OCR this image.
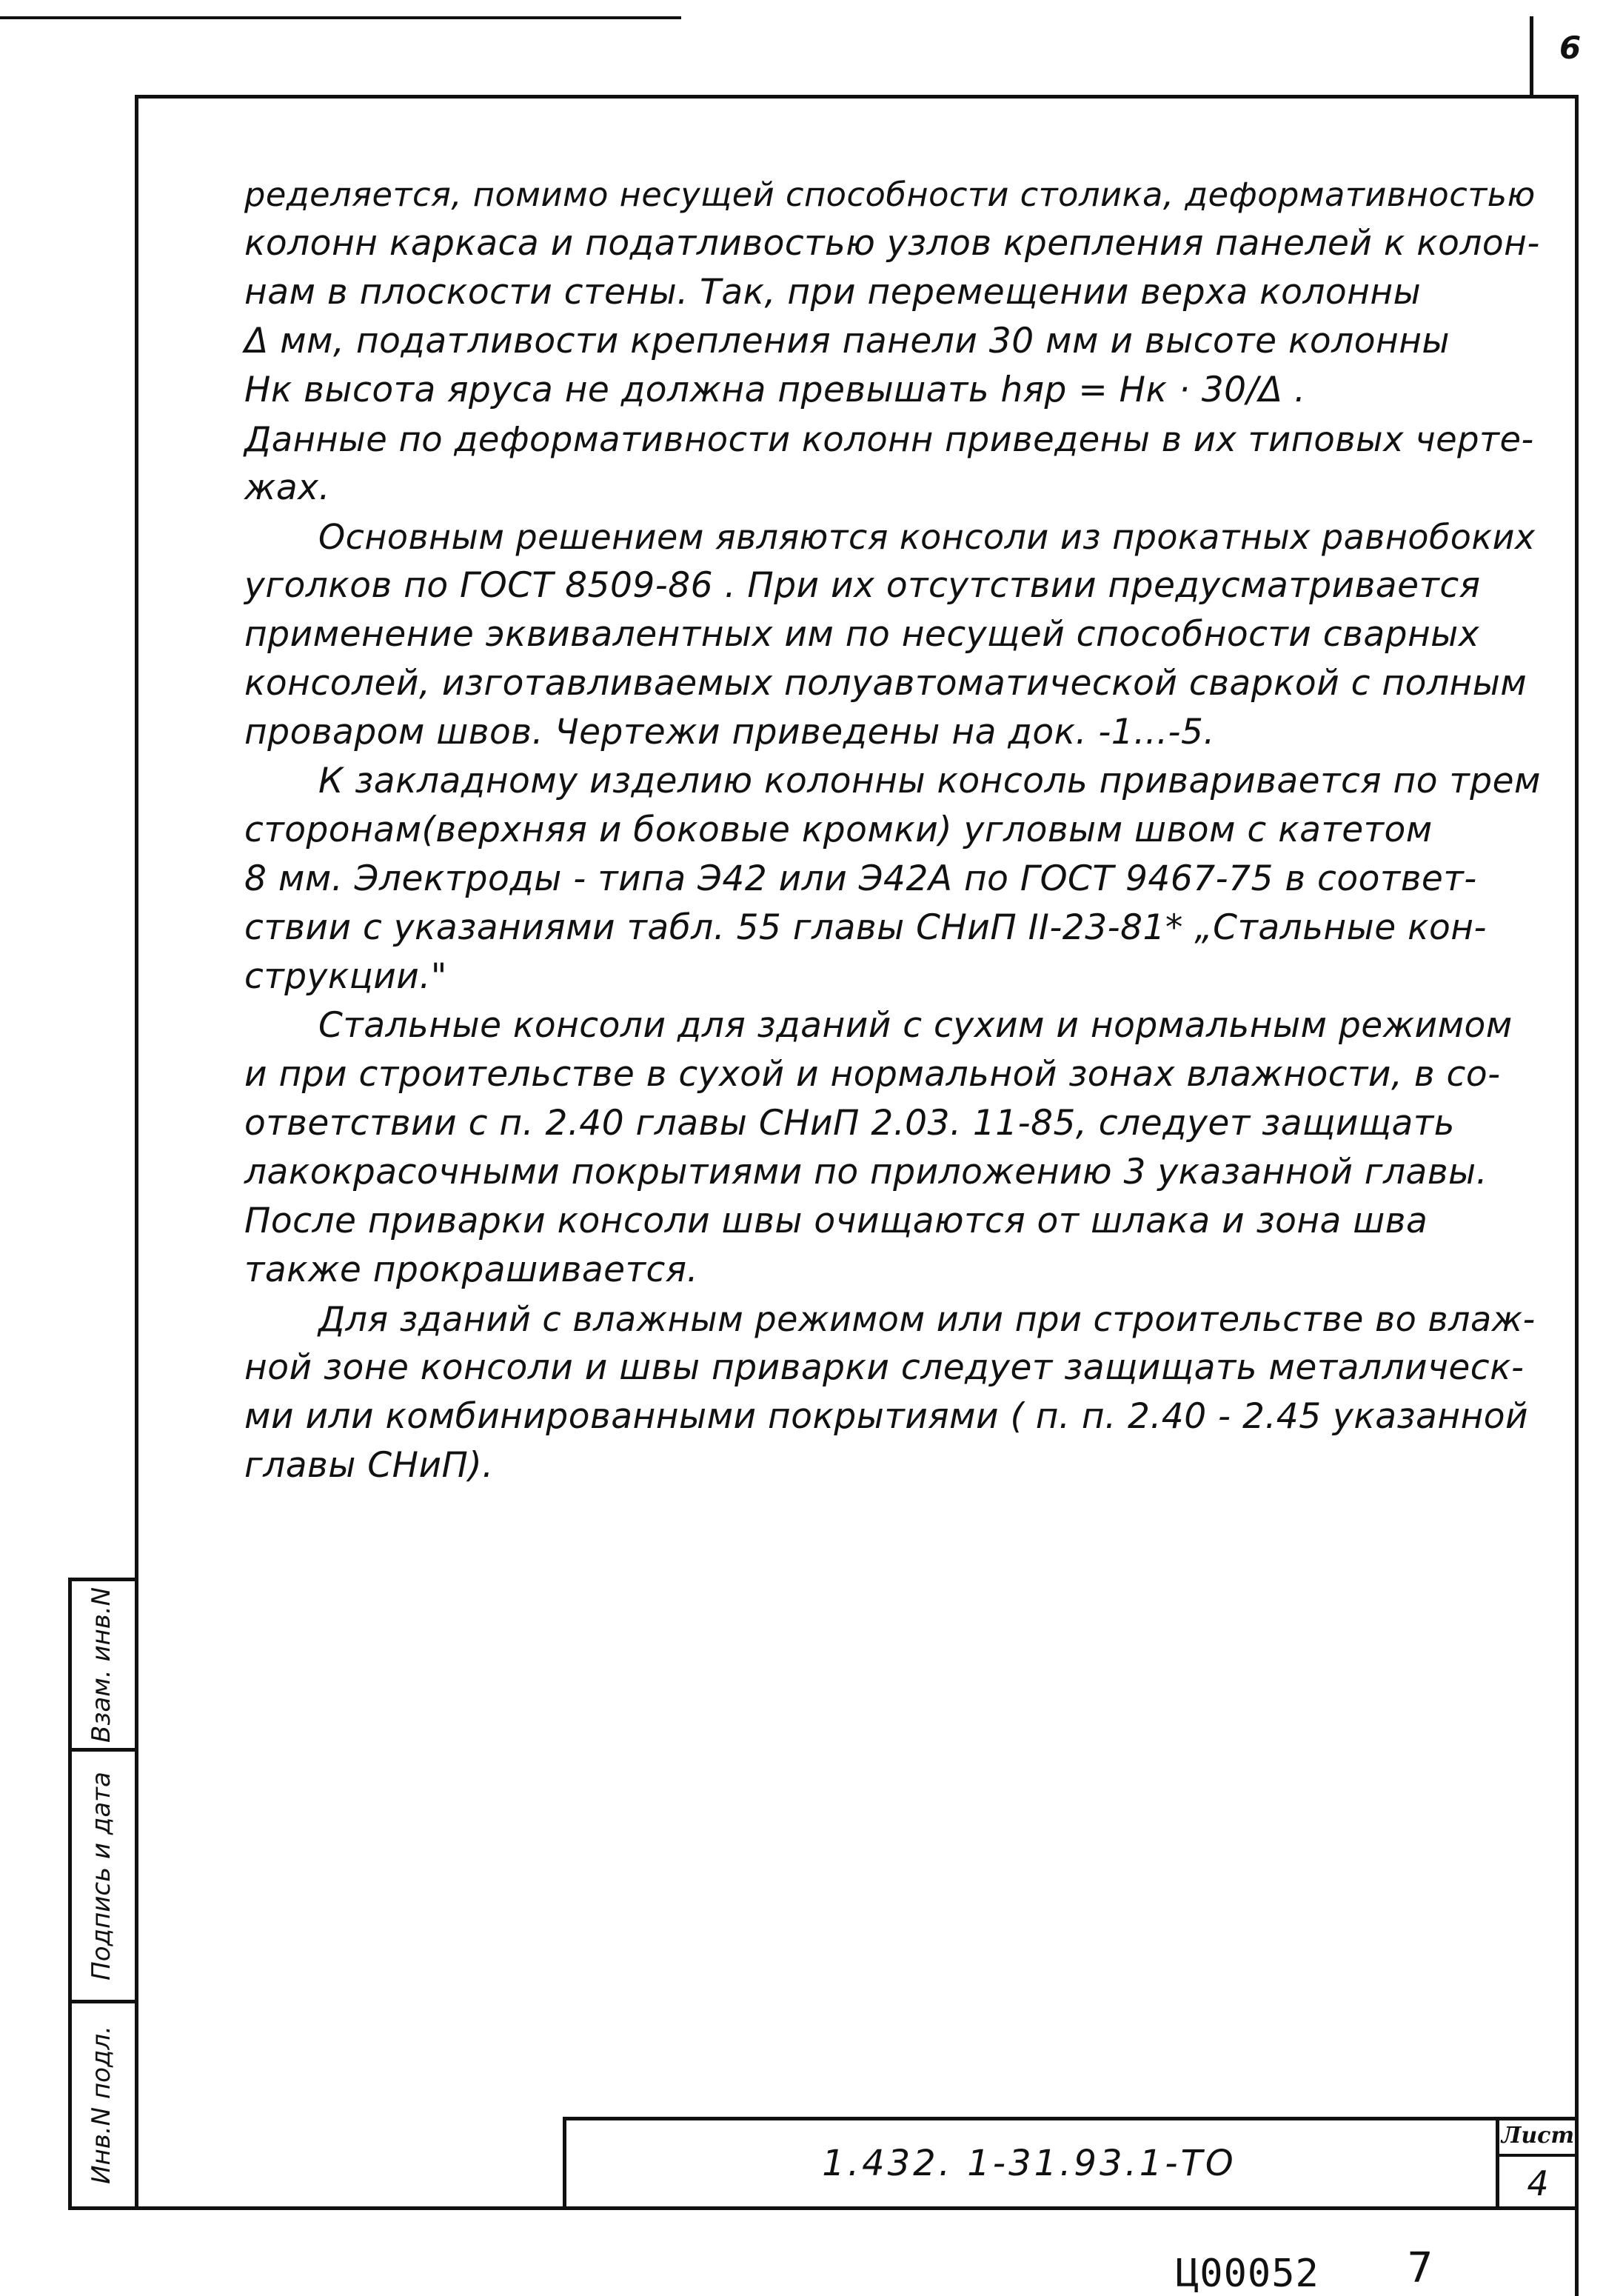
6
ределяется, помимо несущей способности столика, деформативностью
колонн каркаса и податливостью узлов крепления панелей к колон-
нам в плоскости стены. Так, при перемещении верха колонны
Δ мм, податливости крепления панели 30 мм и высоте колонны
Hк высота яруса не должна превышать hяр = Hк · 30/Δ .
Данные по деформативности колонн приведены в их типовых черте-
жах.
Основным решением являются консоли из прокатных равнобоких
уголков по ГОСТ 8509-86 . При их отсутствии предусматривается
применение эквивалентных им по несущей способности сварных
консолей, изготавливаемых полуавтоматической сваркой с полным
проваром швов. Чертежи приведены на док. -1...-5.
К закладному изделию колонны консоль приваривается по трем
сторонам(верхняя и боковые кромки) угловым швом с катетом
8 мм. Электроды - типа Э42 или Э42А по ГОСТ 9467-75 в соответ-
ствии с указаниями табл. 55 главы СНиП II-23-81* „Стальные кон-
струкции."
Стальные консоли для зданий с сухим и нормальным режимом
и при строительстве в сухой и нормальной зонах влажности, в со-
ответствии с п. 2.40 главы СНиП 2.03. 11-85, следует защищать
лакокрасочными покрытиями по приложению 3 указанной главы.
После приварки консоли швы очищаются от шлака и зона шва
также прокрашивается.
Для зданий с влажным режимом или при строительстве во влаж-
ной зоне консоли и швы приварки следует защищать металлическ-
ми или комбинированными покрытиями ( п. п. 2.40 - 2.45 указанной
главы СНиП).
Взам. инв.N
Подпись и дата
Инв.N подл.	1.432. 1-31.93.1-ТО
Лист
4
Ц00052 7
